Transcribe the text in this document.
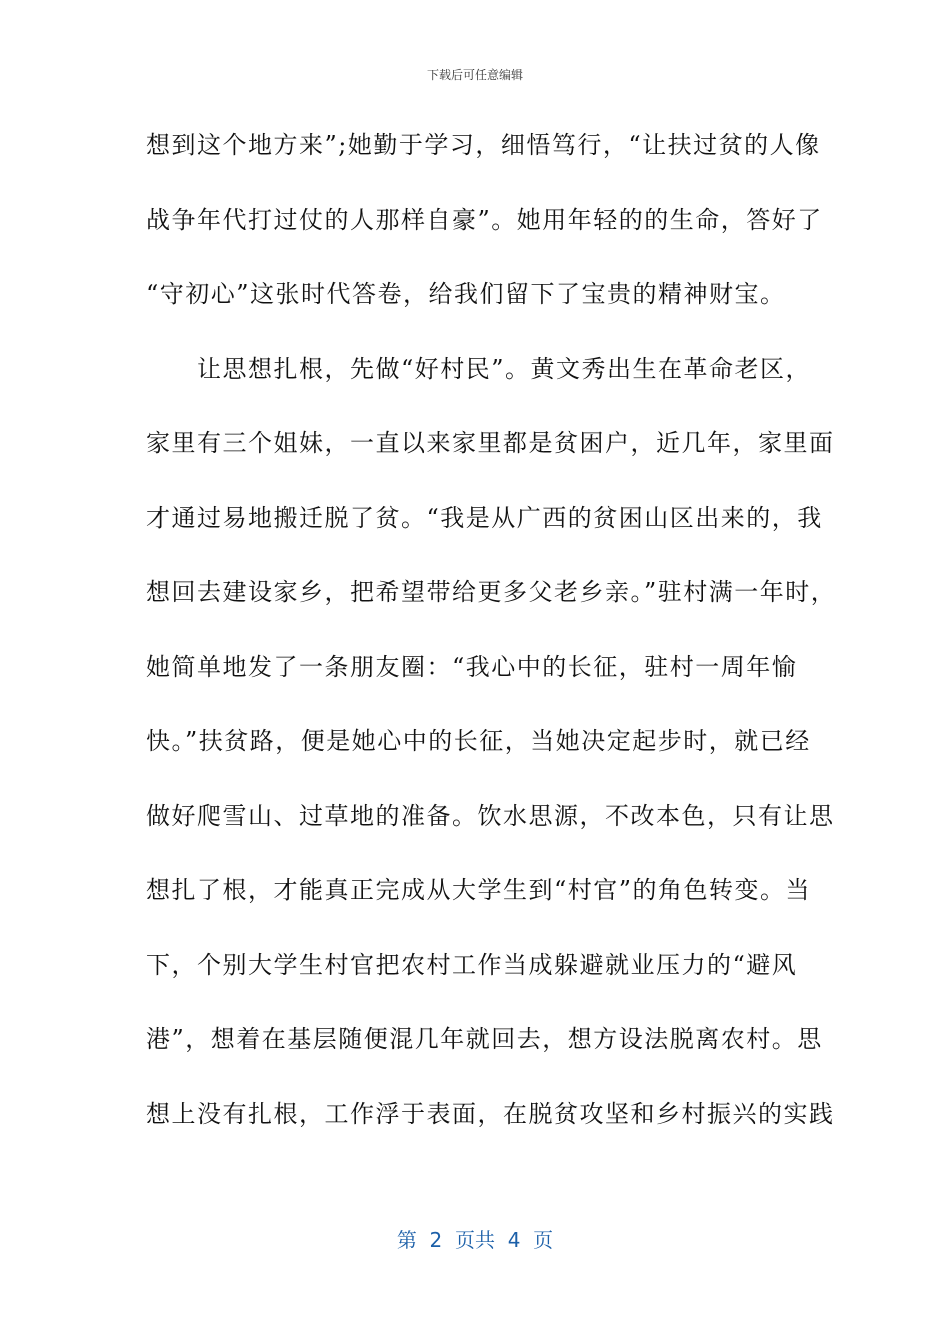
下载后可任意编辑
想到这个地方来”;她勤于学习，细悟笃行，“让扶过贫的人像
战争年代打过仗的人那样自豪”。她用年轻的的生命，答好了
“守初心”这张时代答卷，给我们留下了宝贵的精神财宝。
　　让思想扎根，先做“好村民”。黄文秀出生在革命老区，
家里有三个姐妹，一直以来家里都是贫困户，近几年，家里面
才通过易地搬迁脱了贫。“我是从广西的贫困山区出来的，我
想回去建设家乡，把希望带给更多父老乡亲。”驻村满一年时，
她简单地发了一条朋友圈：“我心中的长征，驻村一周年愉
快。”扶贫路，便是她心中的长征，当她决定起步时，就已经
做好爬雪山、过草地的准备。饮水思源，不改本色，只有让思
想扎了根，才能真正完成从大学生到“村官”的角色转变。当
下，个别大学生村官把农村工作当成躲避就业压力的“避风
港”，想着在基层随便混几年就回去，想方设法脱离农村。思
想上没有扎根，工作浮于表面，在脱贫攻坚和乡村振兴的实践
第  2  页共  4  页
